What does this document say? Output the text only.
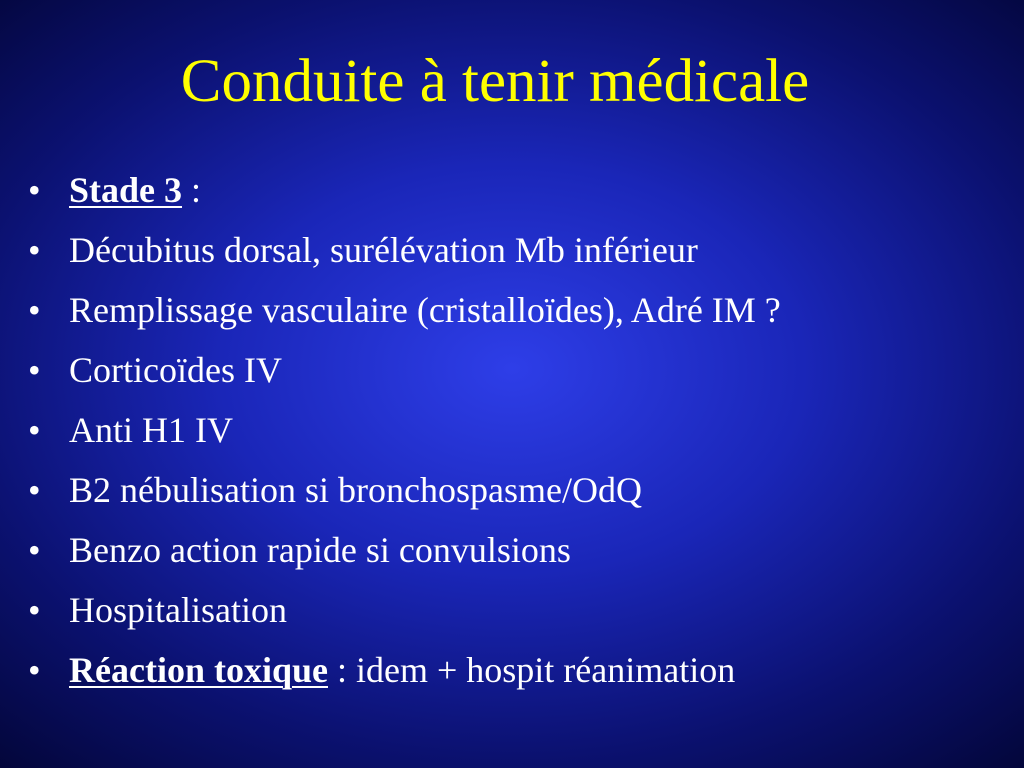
Conduite à tenir médicale
• Stade 3 :
• Décubitus dorsal, surélévation Mb inférieur
• Remplissage vasculaire (cristalloïdes), Adré IM ?
• Corticoïdes IV
• Anti H1 IV
• B2 nébulisation si bronchospasme/OdQ
• Benzo action rapide si convulsions
• Hospitalisation
• Réaction toxique : idem + hospit réanimation
